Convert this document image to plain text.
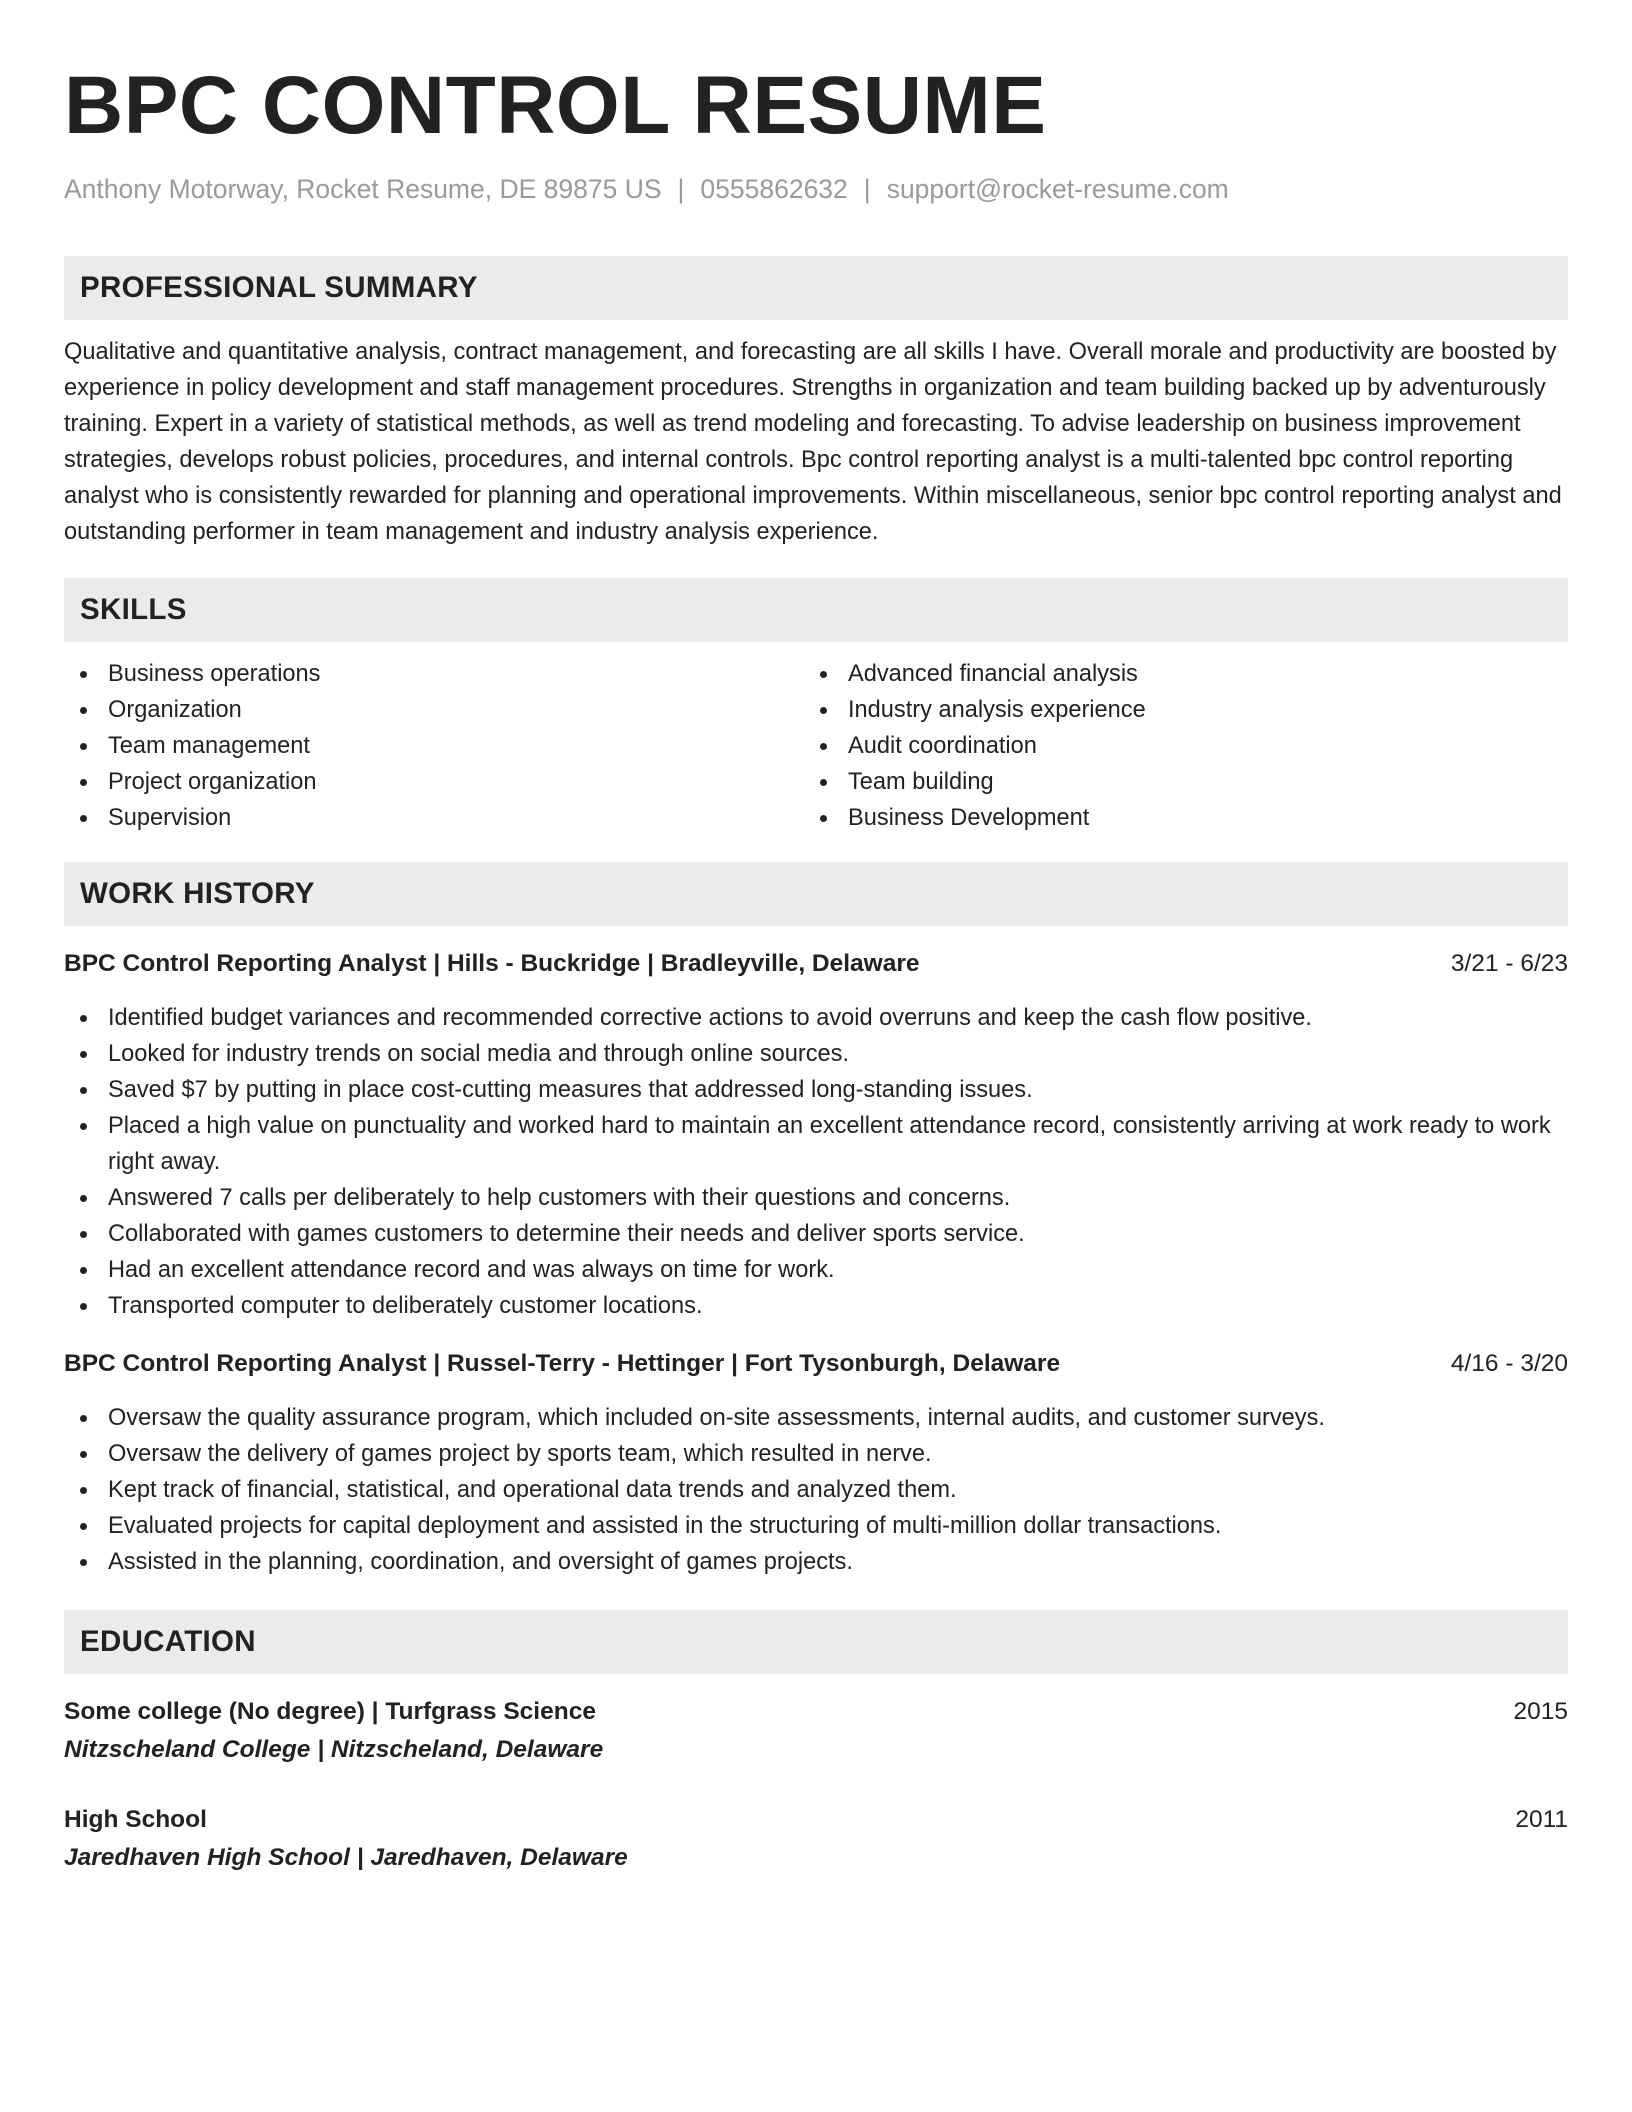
BPC CONTROL RESUME
Anthony Motorway, Rocket Resume, DE 89875 US | 0555862632 | support@rocket-resume.com
PROFESSIONAL SUMMARY

Qualitative and quantitative analysis, contract management, and forecasting are all skills I have. Overall morale and productivity are boosted by experience in policy development and staff management procedures. Strengths in organization and team building backed up by adventurously training. Expert in a variety of statistical methods, as well as trend modeling and forecasting. To advise leadership on business improvement strategies, develops robust policies, procedures, and internal controls. Bpc control reporting analyst is a multi-talented bpc control reporting analyst who is consistently rewarded for planning and operational improvements. Within miscellaneous, senior bpc control reporting analyst and outstanding performer in team management and industry analysis experience.

SKILLS
Business operations
Organization
Team management
Project organization
Supervision
Advanced financial analysis
Industry analysis experience
Audit coordination
Team building
Business Development
WORK HISTORY
BPC Control Reporting Analyst | Hills - Buckridge | Bradleyville, Delaware	3/21 - 6/23
Identified budget variances and recommended corrective actions to avoid overruns and keep the cash flow positive.
Looked for industry trends on social media and through online sources.
Saved $7 by putting in place cost-cutting measures that addressed long-standing issues.
Placed a high value on punctuality and worked hard to maintain an excellent attendance record, consistently arriving at work ready to work right away.
Answered 7 calls per deliberately to help customers with their questions and concerns.
Collaborated with games customers to determine their needs and deliver sports service.
Had an excellent attendance record and was always on time for work.
Transported computer to deliberately customer locations.
BPC Control Reporting Analyst | Russel-Terry - Hettinger | Fort Tysonburgh, Delaware	4/16 - 3/20
Oversaw the quality assurance program, which included on-site assessments, internal audits, and customer surveys.
Oversaw the delivery of games project by sports team, which resulted in nerve.
Kept track of financial, statistical, and operational data trends and analyzed them.
Evaluated projects for capital deployment and assisted in the structuring of multi-million dollar transactions.
Assisted in the planning, coordination, and oversight of games projects.
EDUCATION
Some college (No degree) | Turfgrass Science	2015
Nitzscheland College | Nitzscheland, Delaware
High School	2011
Jaredhaven High School | Jaredhaven, Delaware
